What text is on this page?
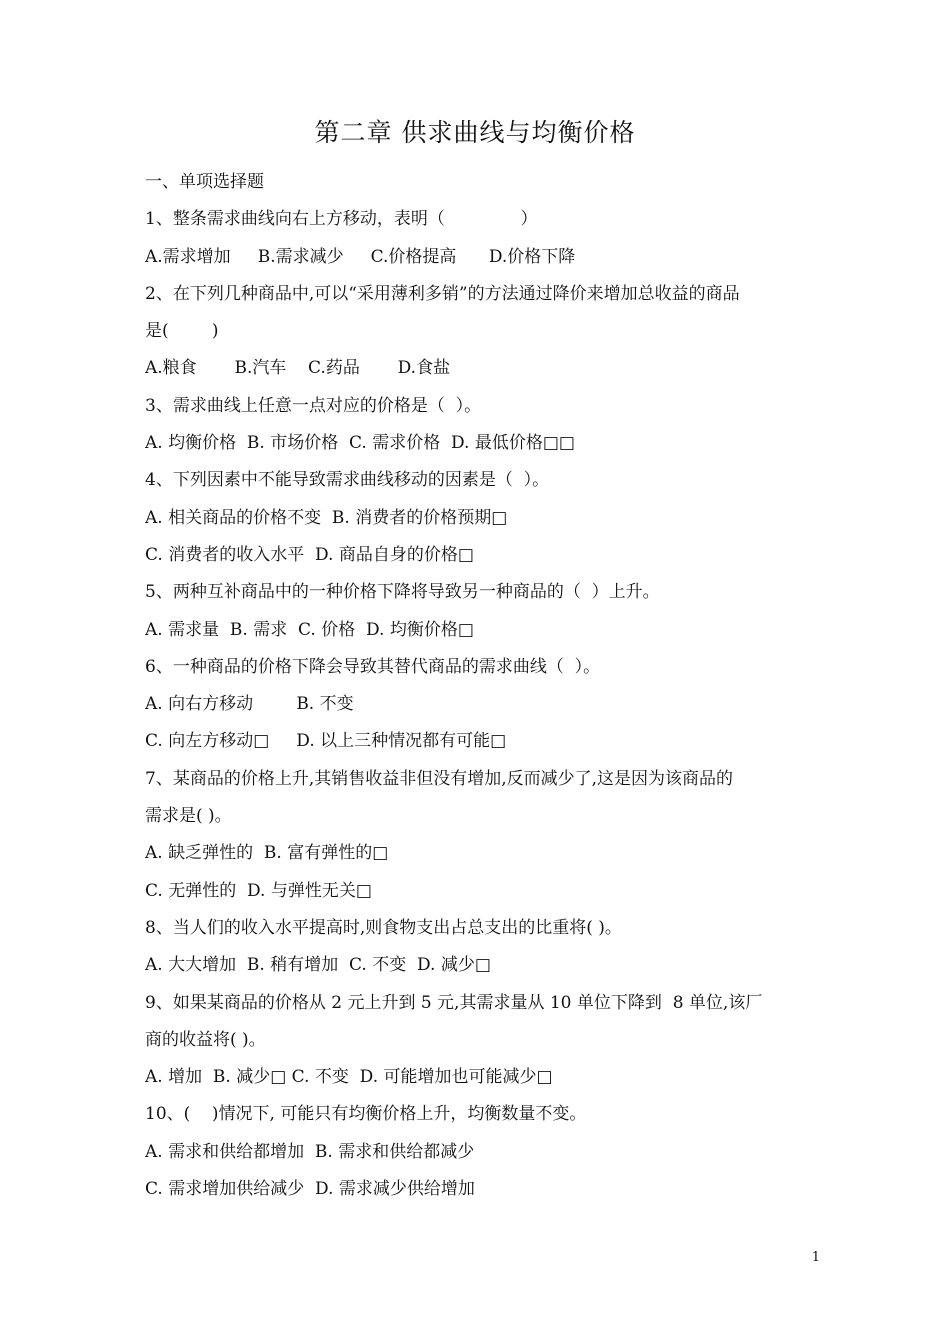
第二章 供求曲线与均衡价格
一、单项选择题
1、整条需求曲线向右上方移动，表明（              ）
A.需求增加     B.需求减少     C.价格提高      D.价格下降
2、在下列几种商品中,可以“采用薄利多销”的方法通过降价来增加总收益的商品
是(        )
A.粮食       B.汽车    C.药品       D.食盐
3、需求曲线上任意一点对应的价格是（  ）。
A. 均衡价格  B. 市场价格  C. 需求价格  D. 最低价格□□
4、下列因素中不能导致需求曲线移动的因素是（  ）。
A. 相关商品的价格不变  B. 消费者的价格预期□
C. 消费者的收入水平  D. 商品自身的价格□
5、两种互补商品中的一种价格下降将导致另一种商品的（  ）上升。
A. 需求量  B. 需求  C. 价格  D. 均衡价格□
6、一种商品的价格下降会导致其替代商品的需求曲线（  ）。
A. 向右方移动        B. 不变
C. 向左方移动□     D. 以上三种情况都有可能□
7、某商品的价格上升,其销售收益非但没有增加,反而减少了,这是因为该商品的
需求是( )。
A. 缺乏弹性的  B. 富有弹性的□
C. 无弹性的  D. 与弹性无关□
8、当人们的收入水平提高时,则食物支出占总支出的比重将( )。
A. 大大增加  B. 稍有增加  C. 不变  D. 减少□
9、如果某商品的价格从 2 元上升到 5 元,其需求量从 10 单位下降到  8 单位,该厂
商的收益将( )。
A. 增加  B. 减少□ C. 不变  D. 可能增加也可能减少□
10、(    )情况下, 可能只有均衡价格上升，均衡数量不变。
A. 需求和供给都增加  B. 需求和供给都减少
C. 需求增加供给减少  D. 需求减少供给增加
1
